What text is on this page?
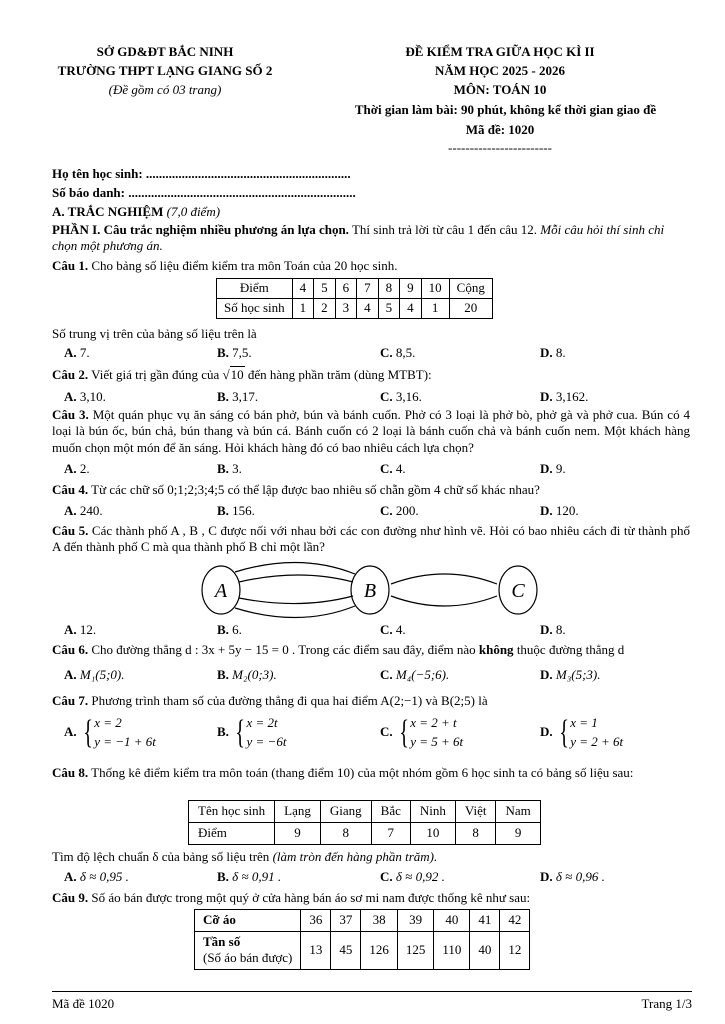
SỞ GD&ĐT BẮC NINH
TRƯỜNG THPT LẠNG GIANG SỐ 2
(Đề gồm có 03 trang)
ĐỀ KIỂM TRA GIỮA HỌC KÌ II
NĂM HỌC 2025 - 2026
MÔN: TOÁN 10
Thời gian làm bài: 90 phút, không kể thời gian giao đề
Mã đề: 1020
------------------------
Họ tên học sinh: ...............................................................
Số báo danh: ......................................................................
A. TRẮC NGHIỆM (7,0 điểm)
PHẦN I. Câu trắc nghiệm nhiều phương án lựa chọn. Thí sinh trả lời từ câu 1 đến câu 12. Mỗi câu hỏi thí sinh chỉ chọn một phương án.
Câu 1. Cho bảng số liệu điểm kiểm tra môn Toán của 20 học sinh.
Điểm	4	5	6	7	8	9	10	Cộng
Số học sinh	1	2	3	4	5	4	1	20
Số trung vị trên của bảng số liệu trên là
A. 7.	B. 7,5.	C. 8,5.	D. 8.
Câu 2. Viết giá trị gần đúng của √10 đến hàng phần trăm (dùng MTBT):
A. 3,10.	B. 3,17.	C. 3,16.	D. 3,162.
Câu 3. Một quán phục vụ ăn sáng có bán phở, bún và bánh cuốn. Phở có 3 loại là phở bò, phở gà và phở cua. Bún có 4 loại là bún ốc, bún chả, bún thang và bún cá. Bánh cuốn có 2 loại là bánh cuốn chả và bánh cuốn nem. Một khách hàng muốn chọn một món để ăn sáng. Hỏi khách hàng đó có bao nhiêu cách lựa chọn?
A. 2.	B. 3.	C. 4.	D. 9.
Câu 4. Từ các chữ số 0;1;2;3;4;5 có thể lập được bao nhiêu số chẵn gồm 4 chữ số khác nhau?
A. 240.	B. 156.	C. 200.	D. 120.
Câu 5. Các thành phố A , B , C được nối với nhau bởi các con đường như hình vẽ. Hỏi có bao nhiêu cách đi từ thành phố A đến thành phố C mà qua thành phố B chỉ một lần?
A	B	C
A. 12.	B. 6.	C. 4.	D. 8.
Câu 6. Cho đường thẳng d : 3x + 5y − 15 = 0 . Trong các điểm sau đây, điểm nào không thuộc đường thẳng d
A. M₁(5;0).	B. M₂(0;3).	C. M₄(−5;6).	D. M₃(5;3).
Câu 7. Phương trình tham số của đường thẳng đi qua hai điểm A(2;−1) và B(2;5) là
A. {x = 2
y = −1 + 6t
B. {x = 2t
y = −6t
C. {x = 2 + t
y = 5 + 6t
D. {x = 1
y = 2 + 6t
Câu 8. Thống kê điểm kiểm tra môn toán (thang điểm 10) của một nhóm gồm 6 học sinh ta có bảng số liệu sau:
Tên học sinh	Lạng	Giang	Bắc	Ninh	Việt	Nam
Điểm	9	8	7	10	8	9
Tìm độ lệch chuẩn δ của bảng số liệu trên (làm tròn đến hàng phần trăm).
A. δ ≈ 0,95 .	B. δ ≈ 0,91 .	C. δ ≈ 0,92 .	D. δ ≈ 0,96 .
Câu 9. Số áo bán được trong một quý ở cửa hàng bán áo sơ mi nam được thống kê như sau:
Cỡ áo	36	37	38	39	40	41	42
Tần số
(Số áo bán được)	13	45	126	125	110	40	12
Mã đề 1020	Trang 1/3
